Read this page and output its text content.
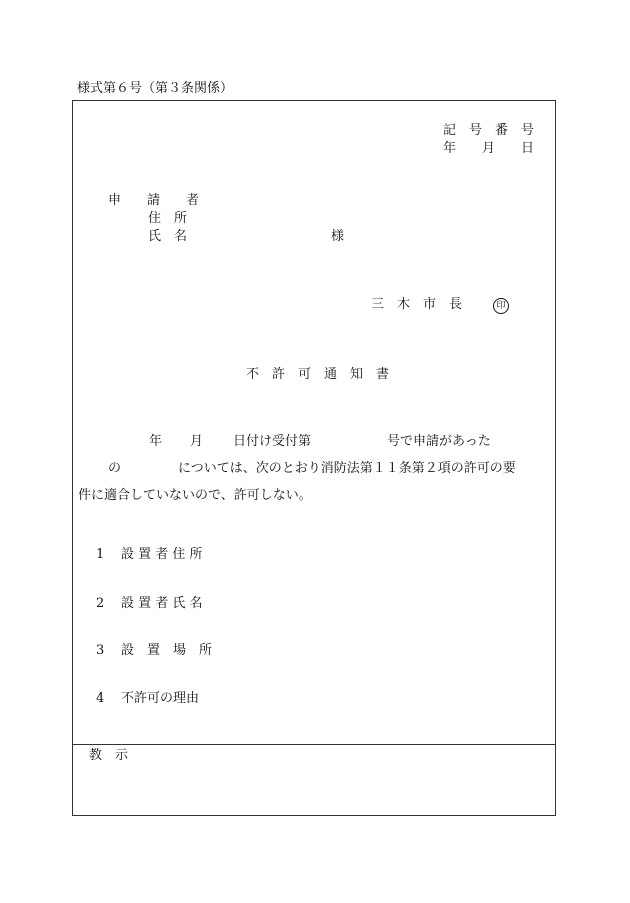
様式第６号（第３条関係）
記　号　番　号
年　　月　　日
申　　請　　者
住　所
氏　名	様
三　木　市　長	印
不　許　可　通　知　書
年 月 日付け受付第	号で申請があった
の	については、次のとおり消防法第１１条第２項の許可の要
件に適合していないので、許可しない。
1 設 置 者 住 所
2 設 置 者 氏 名
3 設　置　場　所
4 不許可の理由
教　示
